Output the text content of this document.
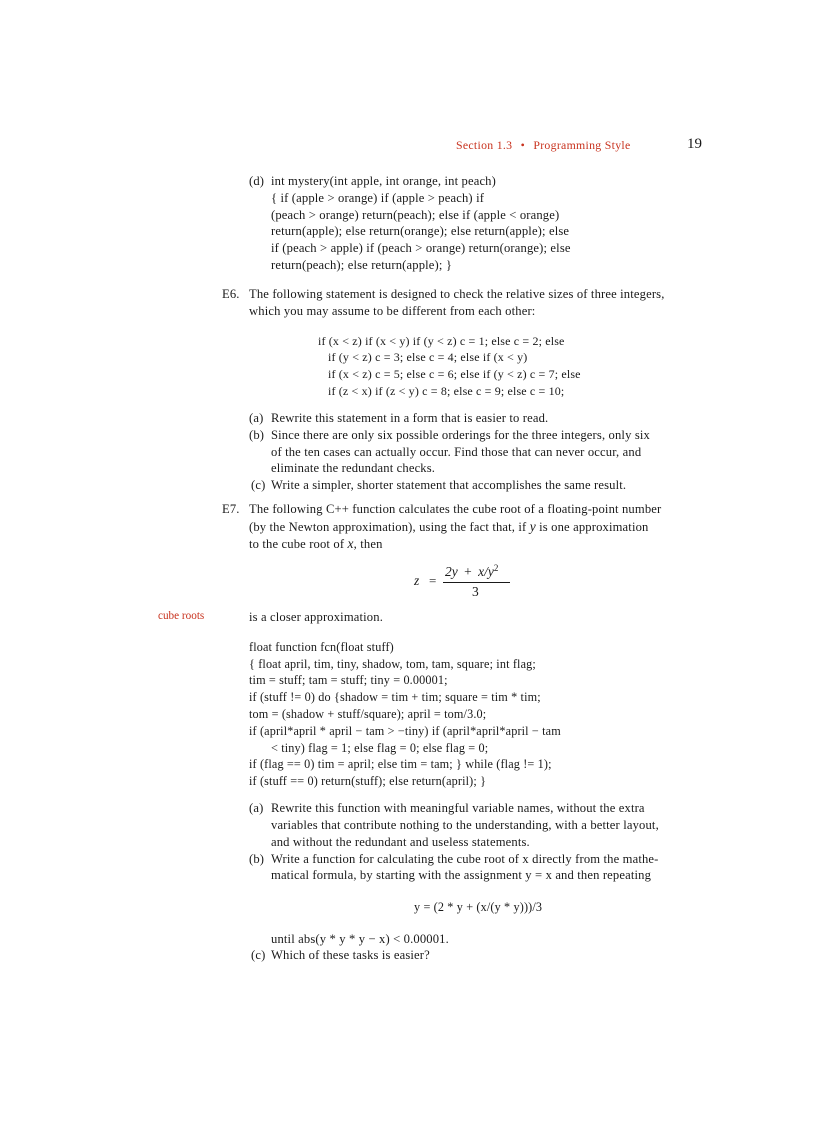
Section 1.3 • Programming Style	19
(d) int mystery(int apple, int orange, int peach)
{ if (apple > orange) if (apple > peach) if
(peach > orange) return(peach); else if (apple < orange)
return(apple); else return(orange); else return(apple); else
if (peach > apple) if (peach > orange) return(orange); else
return(peach); else return(apple); }
E6. The following statement is designed to check the relative sizes of three integers,
which you may assume to be different from each other:
if (x < z) if (x < y) if (y < z) c = 1; else c = 2; else
if (y < z) c = 3; else c = 4; else if (x < y)
if (x < z) c = 5; else c = 6; else if (y < z) c = 7; else
if (z < x) if (z < y) c = 8; else c = 9; else c = 10;
(a) Rewrite this statement in a form that is easier to read.
(b) Since there are only six possible orderings for the three integers, only six
of the ten cases can actually occur. Find those that can never occur, and
eliminate the redundant checks.
(c) Write a simpler, shorter statement that accomplishes the same result.
E7. The following C++ function calculates the cube root of a floating-point number
(by the Newton approximation), using the fact that, if y is one approximation
to the cube root of x, then
z =
$2y + x/y^2$
3
cube roots	is a closer approximation.
float function fcn(float stuff)
{ float april, tim, tiny, shadow, tom, tam, square; int flag;
tim = stuff; tam = stuff; tiny = 0.00001;
if (stuff != 0) do {shadow = tim + tim; square = tim * tim;
tom = (shadow + stuff/square); april = tom/3.0;
if (april*april * april − tam > −tiny) if (april*april*april − tam
< tiny) flag = 1; else flag = 0; else flag = 0;
if (flag == 0) tim = april; else tim = tam; } while (flag != 1);
if (stuff == 0) return(stuff); else return(april); }
(a) Rewrite this function with meaningful variable names, without the extra
variables that contribute nothing to the understanding, with a better layout,
and without the redundant and useless statements.
(b) Write a function for calculating the cube root of x directly from the mathe-
matical formula, by starting with the assignment y = x and then repeating
y = (2 * y + (x/(y * y)))/3
until abs(y * y * y − x) < 0.00001.
(c) Which of these tasks is easier?
